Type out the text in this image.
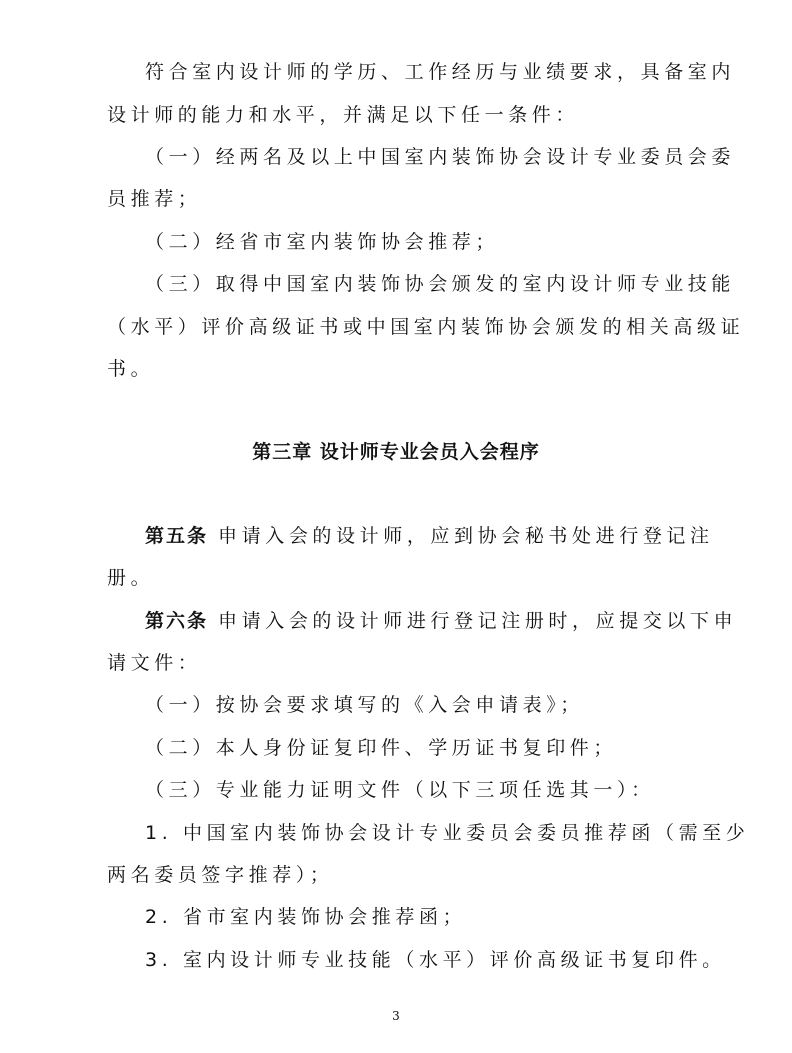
符合室内设计师的学历、工作经历与业绩要求，具备室内
设计师的能力和水平，并满足以下任一条件：
（一）经两名及以上中国室内装饰协会设计专业委员会委
员推荐；
（二）经省市室内装饰协会推荐；
（三）取得中国室内装饰协会颁发的室内设计师专业技能
（水平）评价高级证书或中国室内装饰协会颁发的相关高级证
书。
第三章 设计师专业会员入会程序
第五条 申请入会的设计师，应到协会秘书处进行登记注
册。
第六条 申请入会的设计师进行登记注册时，应提交以下申
请文件：
（一）按协会要求填写的《入会申请表》；
（二）本人身份证复印件、学历证书复印件；
（三）专业能力证明文件（以下三项任选其一）：
1. 中国室内装饰协会设计专业委员会委员推荐函（需至少
两名委员签字推荐）；
2. 省市室内装饰协会推荐函；
3. 室内设计师专业技能（水平）评价高级证书复印件。
3
